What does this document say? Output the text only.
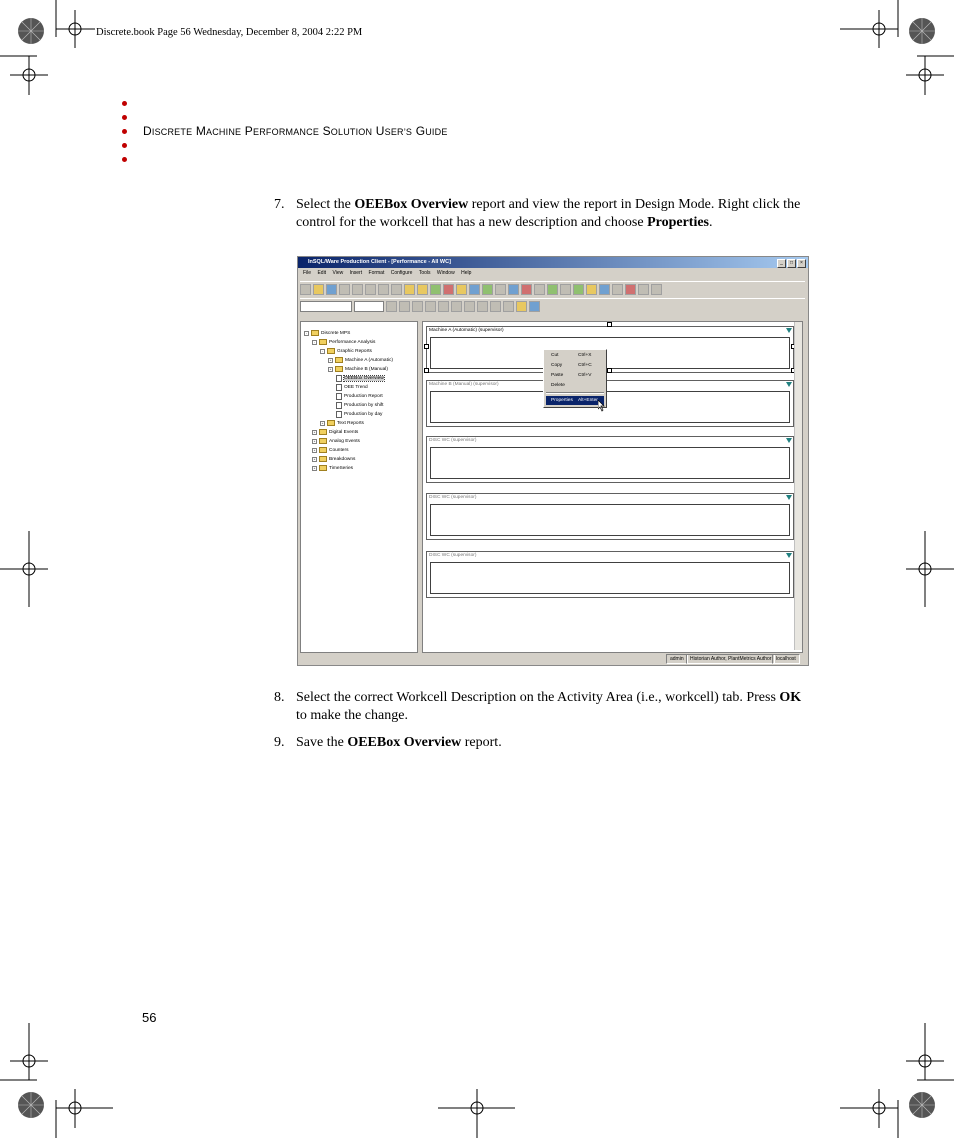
Discrete.book Page 56 Wednesday, December 8, 2004 2:22 PM
DISCRETE MACHINE PERFORMANCE SOLUTION USER’S GUIDE
7. Select the OEEBox Overview report and view the report in Design Mode. Right click the control for the workcell that has a new description and choose Properties.
InSQL/Ware Production Client - [Performance - All WC]	_	□	×
File Edit View Insert Format Configure Tools Window Help
-	Discrete MPS
-	Performance Analysis
-	Graphic Reports
+	Machine A (Automatic)
+	Machine B (Manual)
OEEBox Overview
OEE Trend
Production Report
Production by shift
Production by day
+	Text Reports
+	Digital Events
+	Analog Events
+	Counters
+	Breakdowns
+	TimeSeries
Machine A (Automatic) (supervisor)
Machine B (Manual) (supervisor)
DISC WC (supervisor)
DISC WC (supervisor)
DISC WC (supervisor)
Cut	Ctrl+X
Copy	Ctrl+C
Paste	Ctrl+V
Delete
Properties Alt+Enter
admin	Historian Author, PlantMetrics Author localhost
8. Select the correct Workcell Description on the Activity Area (i.e., workcell) tab. Press OK to make the change.
9. Save the OEEBox Overview report.
56
